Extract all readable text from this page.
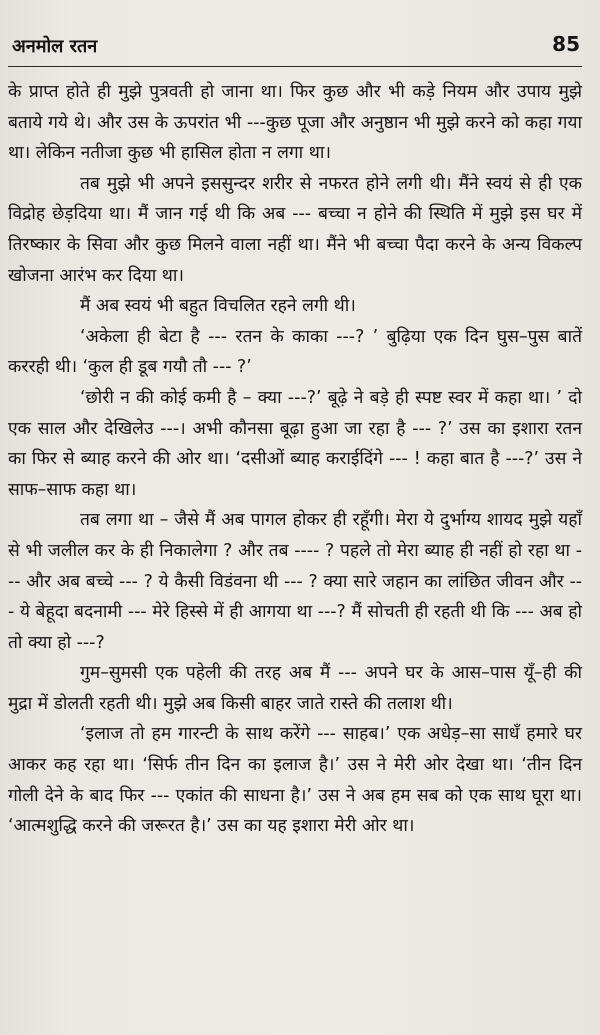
अनमोल रतन	85

के प्राप्त होते ही मुझे पुत्रवती हो जाना था। फिर कुछ और भी कड़े नियम और उपाय मुझे बताये गये थे। और उस के ऊपरांत भी ---कुछ पूजा और अनुष्ठान भी मुझे करने को कहा गया था। लेकिन नतीजा कुछ भी हासिल होता न लगा था।

तब मुझे भी अपने इससुन्दर शरीर से नफरत होने लगी थी। मैंने स्वयं से ही एक विद्रोह छेड़दिया था। मैं जान गई थी कि अब --- बच्चा न होने की स्थिति में मुझे इस घर में तिरष्कार के सिवा और कुछ मिलने वाला नहीं था। मैंने भी बच्चा पैदा करने के अन्य विकल्प खोजना आरंभ कर दिया था।

मैं अब स्वयं भी बहुत विचलित रहने लगी थी।

‘अकेला ही बेटा है --- रतन के काका ---? ’ बुढ़िया एक दिन घुस–पुस बातें कररही थी। ‘कुल ही डूब गयौ तौ --- ?’

‘छोरी न की कोई कमी है – क्या ---?’ बूढ़े ने बड़े ही स्पष्ट स्वर में कहा था। ’ दो एक साल और देखिलेउ ---। अभी कौनसा बूढ़ा हुआ जा रहा है --- ?’ उस का इशारा रतन का फिर से ब्याह करने की ओर था। ‘दसीओं ब्याह कराईदिंगे --- ! कहा बात है ---?’ उस ने साफ–साफ कहा था।

तब लगा था – जैसे मैं अब पागल होकर ही रहूँगी। मेरा ये दुर्भाग्य शायद मुझे यहाँ से भी जलील कर के ही निकालेगा ? और तब ---- ? पहले तो मेरा ब्याह ही नहीं हो रहा था --- और अब बच्चे --- ? ये कैसी विडंवना थी --- ? क्या सारे जहान का लांछित जीवन और --- ये बेहूदा बदनामी --- मेरे हिस्से में ही आगया था ---? मैं सोचती ही रहती थी कि --- अब हो तो क्या हो ---?

गुम–सुमसी एक पहेली की तरह अब मैं --- अपने घर के आस–पास यूँ–ही की मुद्रा में डोलती रहती थी। मुझे अब किसी बाहर जाते रास्ते की तलाश थी।

‘इलाज तो हम गारन्टी के साथ करेंगे --- साहब।’ एक अधेड़–सा साधँ हमारे घर आकर कह रहा था। ‘सिर्फ तीन दिन का इलाज है।’ उस ने मेरी ओर देखा था। ‘तीन दिन गोली देने के बाद फिर --- एकांत की साधना है।’ उस ने अब हम सब को एक साथ घूरा था। ‘आत्मशुद्धि करने की जरूरत है।’ उस का यह इशारा मेरी ओर था।
